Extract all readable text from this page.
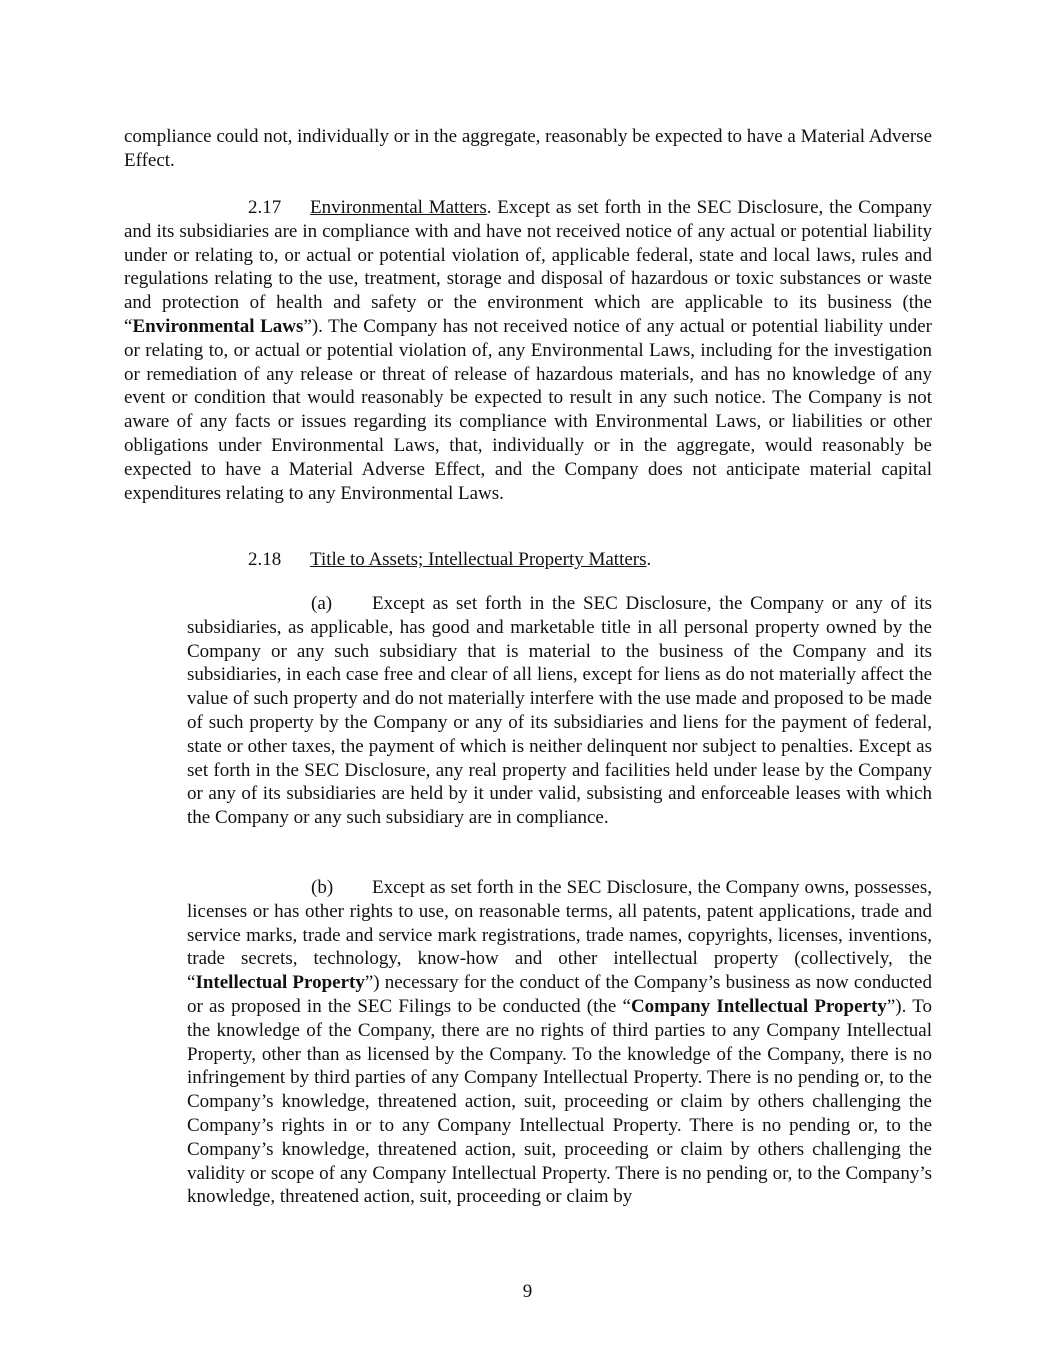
compliance could not, individually or in the aggregate, reasonably be expected to have a Material Adverse Effect.

2.17 Environmental Matters. Except as set forth in the SEC Disclosure, the Company and its subsidiaries are in compliance with and have not received notice of any actual or potential liability under or relating to, or actual or potential violation of, applicable federal, state and local laws, rules and regulations relating to the use, treatment, storage and disposal of hazardous or toxic substances or waste and protection of health and safety or the environment which are applicable to its business (the “Environmental Laws”). The Company has not received notice of any actual or potential liability under or relating to, or actual or potential violation of, any Environmental Laws, including for the investigation or remediation of any release or threat of release of hazardous materials, and has no knowledge of any event or condition that would reasonably be expected to result in any such notice. The Company is not aware of any facts or issues regarding its compliance with Environmental Laws, or liabilities or other obligations under Environmental Laws, that, individually or in the aggregate, would reasonably be expected to have a Material Adverse Effect, and the Company does not anticipate material capital expenditures relating to any Environmental Laws.

2.18 Title to Assets; Intellectual Property Matters.

(a) Except as set forth in the SEC Disclosure, the Company or any of its subsidiaries, as applicable, has good and marketable title in all personal property owned by the Company or any such subsidiary that is material to the business of the Company and its subsidiaries, in each case free and clear of all liens, except for liens as do not materially affect the value of such property and do not materially interfere with the use made and proposed to be made of such property by the Company or any of its subsidiaries and liens for the payment of federal, state or other taxes, the payment of which is neither delinquent nor subject to penalties. Except as set forth in the SEC Disclosure, any real property and facilities held under lease by the Company or any of its subsidiaries are held by it under valid, subsisting and enforceable leases with which the Company or any such subsidiary are in compliance.

(b) Except as set forth in the SEC Disclosure, the Company owns, possesses, licenses or has other rights to use, on reasonable terms, all patents, patent applications, trade and service marks, trade and service mark registrations, trade names, copyrights, licenses, inventions, trade secrets, technology, know-how and other intellectual property (collectively, the “Intellectual Property”) necessary for the conduct of the Company’s business as now conducted or as proposed in the SEC Filings to be conducted (the “Company Intellectual Property”). To the knowledge of the Company, there are no rights of third parties to any Company Intellectual Property, other than as licensed by the Company. To the knowledge of the Company, there is no infringement by third parties of any Company Intellectual Property. There is no pending or, to the Company’s knowledge, threatened action, suit, proceeding or claim by others challenging the Company’s rights in or to any Company Intellectual Property. There is no pending or, to the Company’s knowledge, threatened action, suit, proceeding or claim by others challenging the validity or scope of any Company Intellectual Property. There is no pending or, to the Company’s knowledge, threatened action, suit, proceeding or claim by

9
